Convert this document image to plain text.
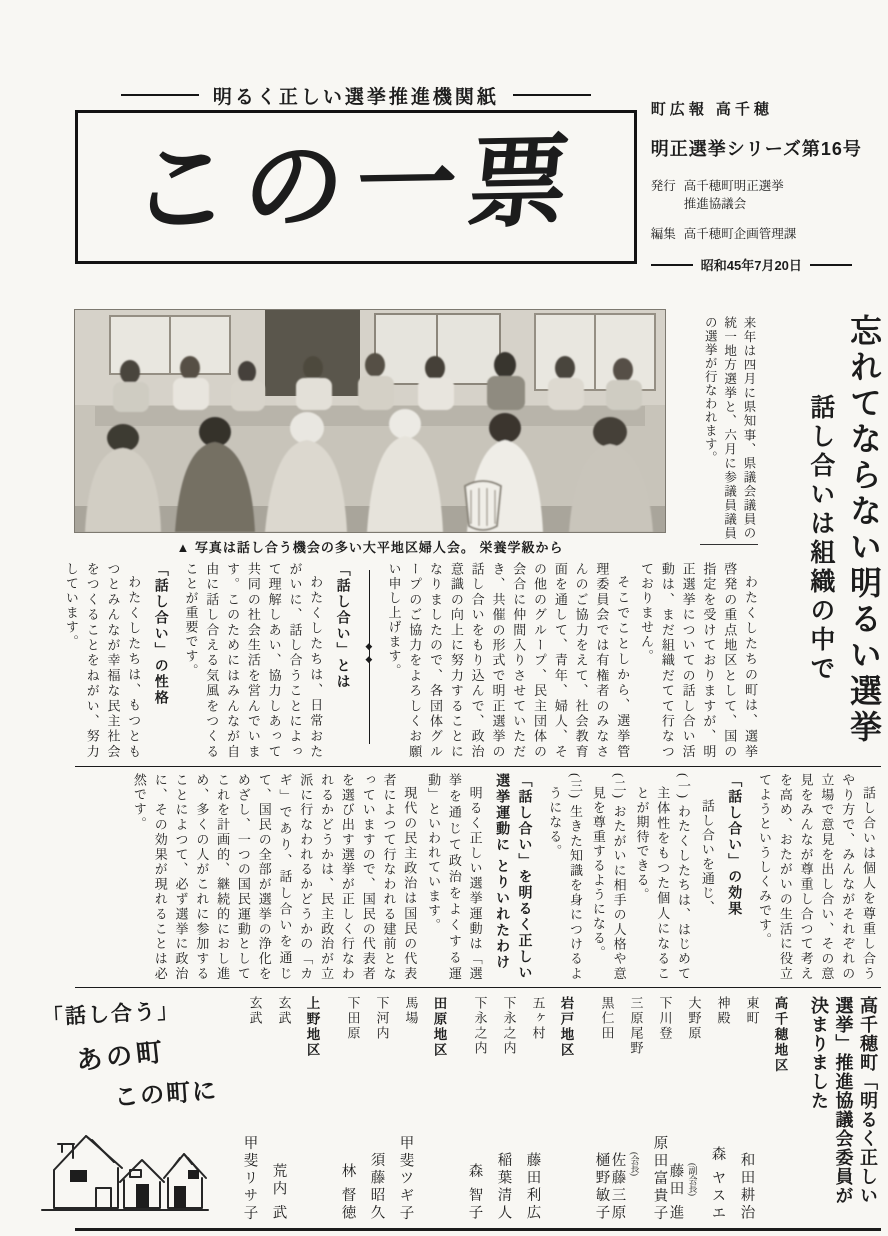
明るく正しい選挙推進機関紙
この一票
町広報 高千穂
明正選挙シリーズ第16号
発行 高千穂町明正選挙
推進協議会
編集 高千穂町企画管理課
昭和45年7月20日
▲ 写真は話し合う機会の多い大平地区婦人会。 栄養学級から
来年は四月に県知事、県議会議員の統一地方選挙と、六月に参議員議員の選挙が行なわれます。	忘れてならない明るい選挙
話し合いは組織の中で

わたくしたちの町は、選挙啓発の重点地区として、国の指定を受けておりますが、明正選挙についての話し合い活動は、まだ組織だてて行なつておりません。

そこでことしから、選挙管理委員会では有権者のみなさんのご協力をえて、社会教育面を通して、青年、婦人、その他のグループ、民主団体の会合に仲間入りさせていただき、共催の形式で明正選挙の話し合いをもり込んで、政治意識の向上に努力することになりましたので、各団体グループのご協力をよろしくお願い申し上げます。

◆◆
「話し合い」とは

わたくしたちは、日常おたがいに、話し合うことによって理解しあい、協力しあって共同の社会生活を営んでいます。このためにはみんなが自由に話し合える気風をつくることが重要です。

「話し合い」の性格

わたくしたちは、もつともつとみんなが幸福な民主社会をつくることをねがい、努力しています。

話し合いは個人を尊重し合うやり方で、みんながそれぞれの立場で意見を出し合い、その意見をみんなが尊重し合つて考えを高め、おたがいの生活に役立てようというしくみです。

「話し合い」の効果

話し合いを通じ、

(一) わたくしたちは、はじめて主体性をもつた個人になることが期待できる。

(二) おたがいに相手の人格や意見を尊重するようになる。

(三) 生きた知識を身につけるようになる。

「話し合い」を明るく正しい選挙運動に とりいれたわけ

明るく正しい選挙運動は「選挙を通じて政治をよくする運動」といわれています。

現代の民主政治は国民の代表者によつて行なわれる建前となっていますので、国民の代表者を選び出す選挙が正しく行なわれるかどうかは、民主政治が立派に行なわれるかどうかの「カギ」であり、話し合いを通じて、国民の全部が選挙の浄化をめざし、一つの国民運動としてこれを計画的、継続的におし進め、多くの人がこれに参加することによつて、必ず選挙に政治に、その効果が現れることは必然です。

高千穂町「明るく正しい
選挙」推進協議会委員が
決まりました
高千穂地区
東町
和田耕治
神殿
森 ヤスエ
大野原
(副会長)
藤田 進
下川登
原田富貴子
三原尾野
(会長)
佐藤三原
黒仁田
樋野敏子
岩戸地区
五ヶ村
藤田利広
下永之内
稲葉清人
下永之内
森 智子
田原地区
馬場
甲斐ツギ子
下河内
須藤昭久
下田原
林 督徳
上野地区
玄武
荒内 武
玄武
甲斐リサ子
「話し合う」
あの町
この町に
